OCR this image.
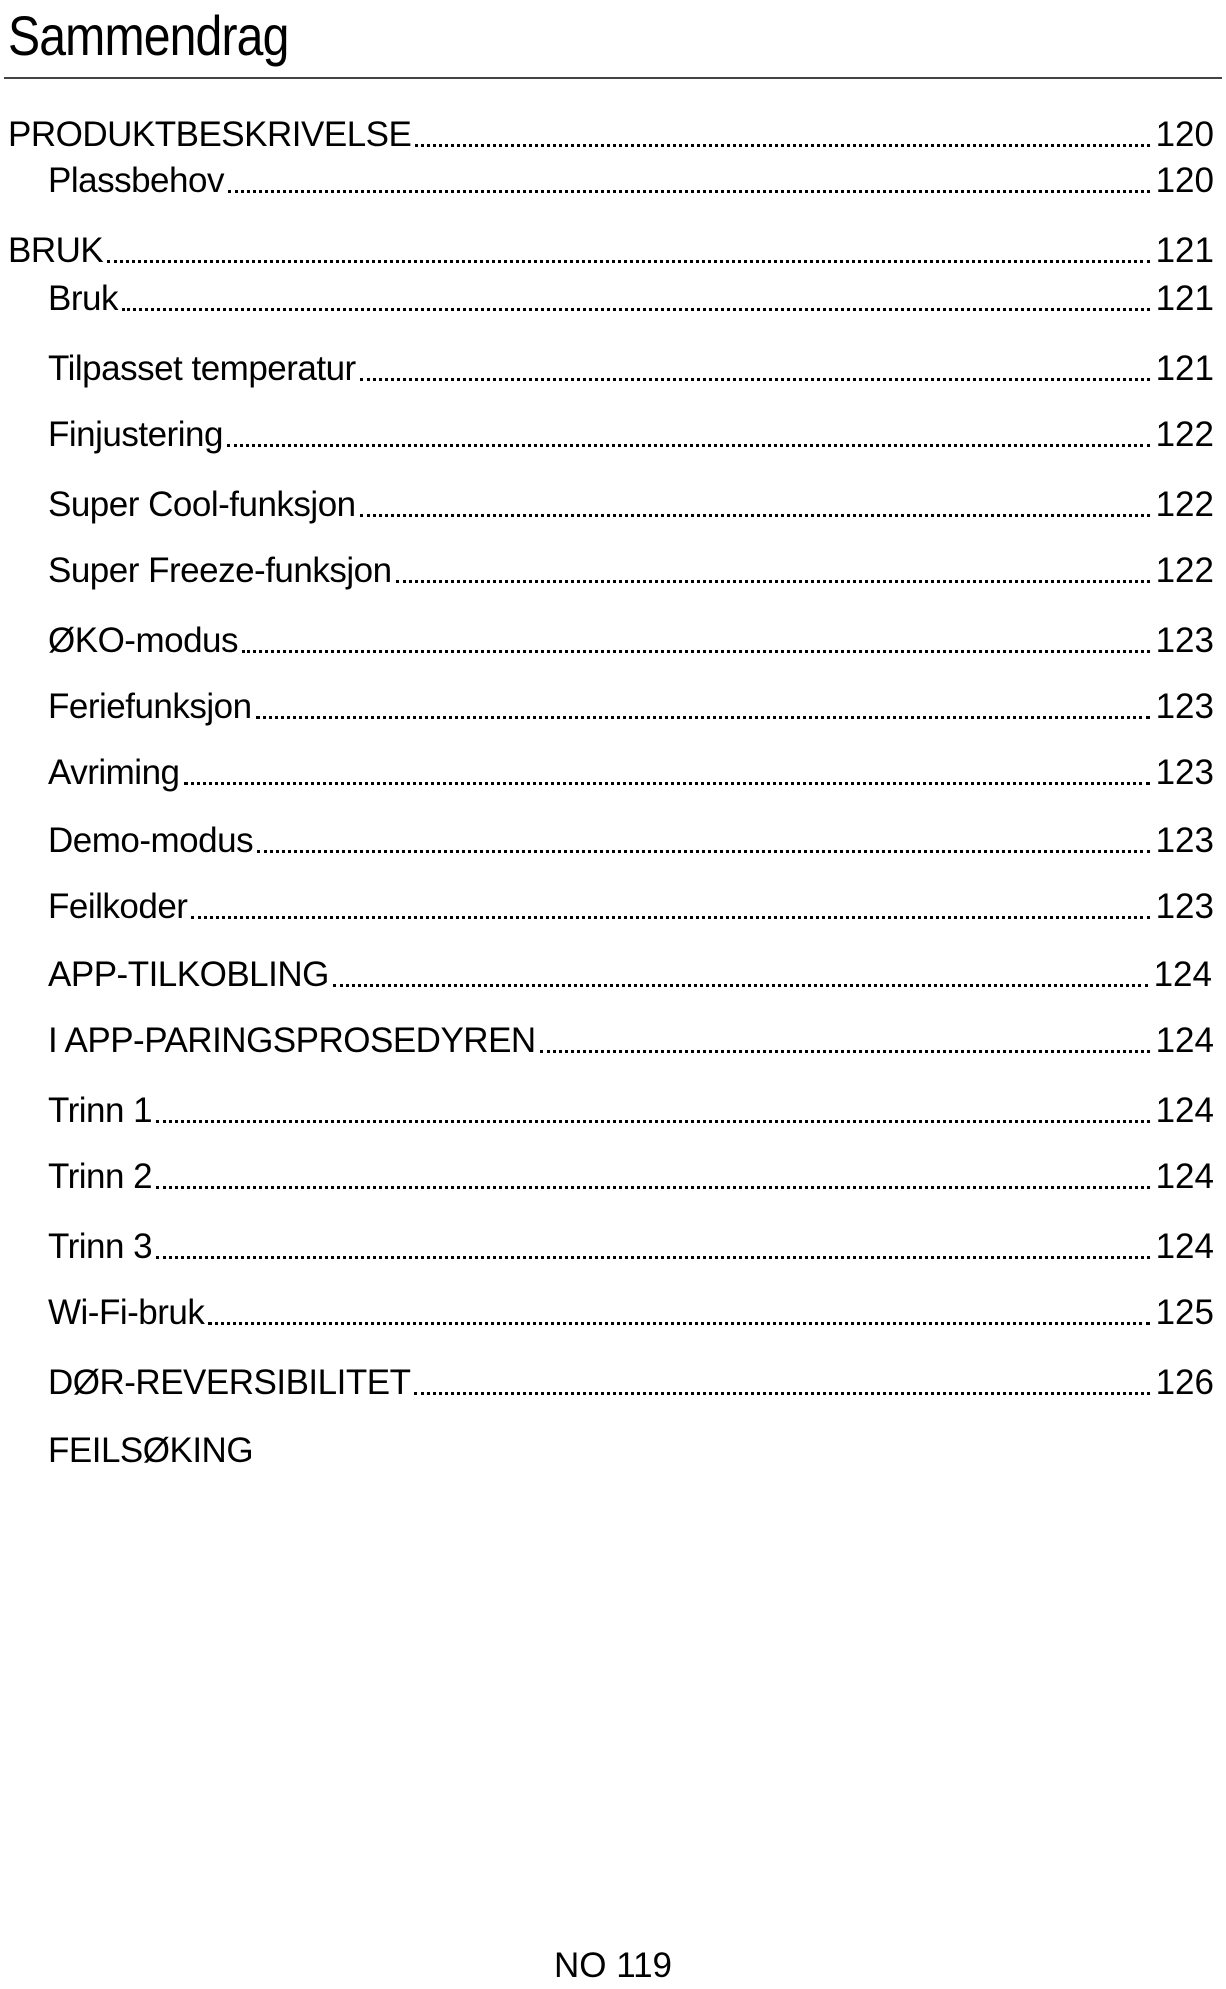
Sammendrag
PRODUKTBESKRIVELSE	120
Plassbehov	120
BRUK	121
Bruk	121
Tilpasset temperatur	121
Finjustering	122
Super Cool-funksjon	122
Super Freeze-funksjon	122
ØKO-modus	123
Feriefunksjon	123
Avriming	123
Demo-modus	123
Feilkoder	123
APP-TILKOBLING	124
I APP-PARINGSPROSEDYREN	124
Trinn 1	124
Trinn 2	124
Trinn 3	124
Wi-Fi-bruk	125
DØR-REVERSIBILITET	126
FEILSØKING
NO 119
